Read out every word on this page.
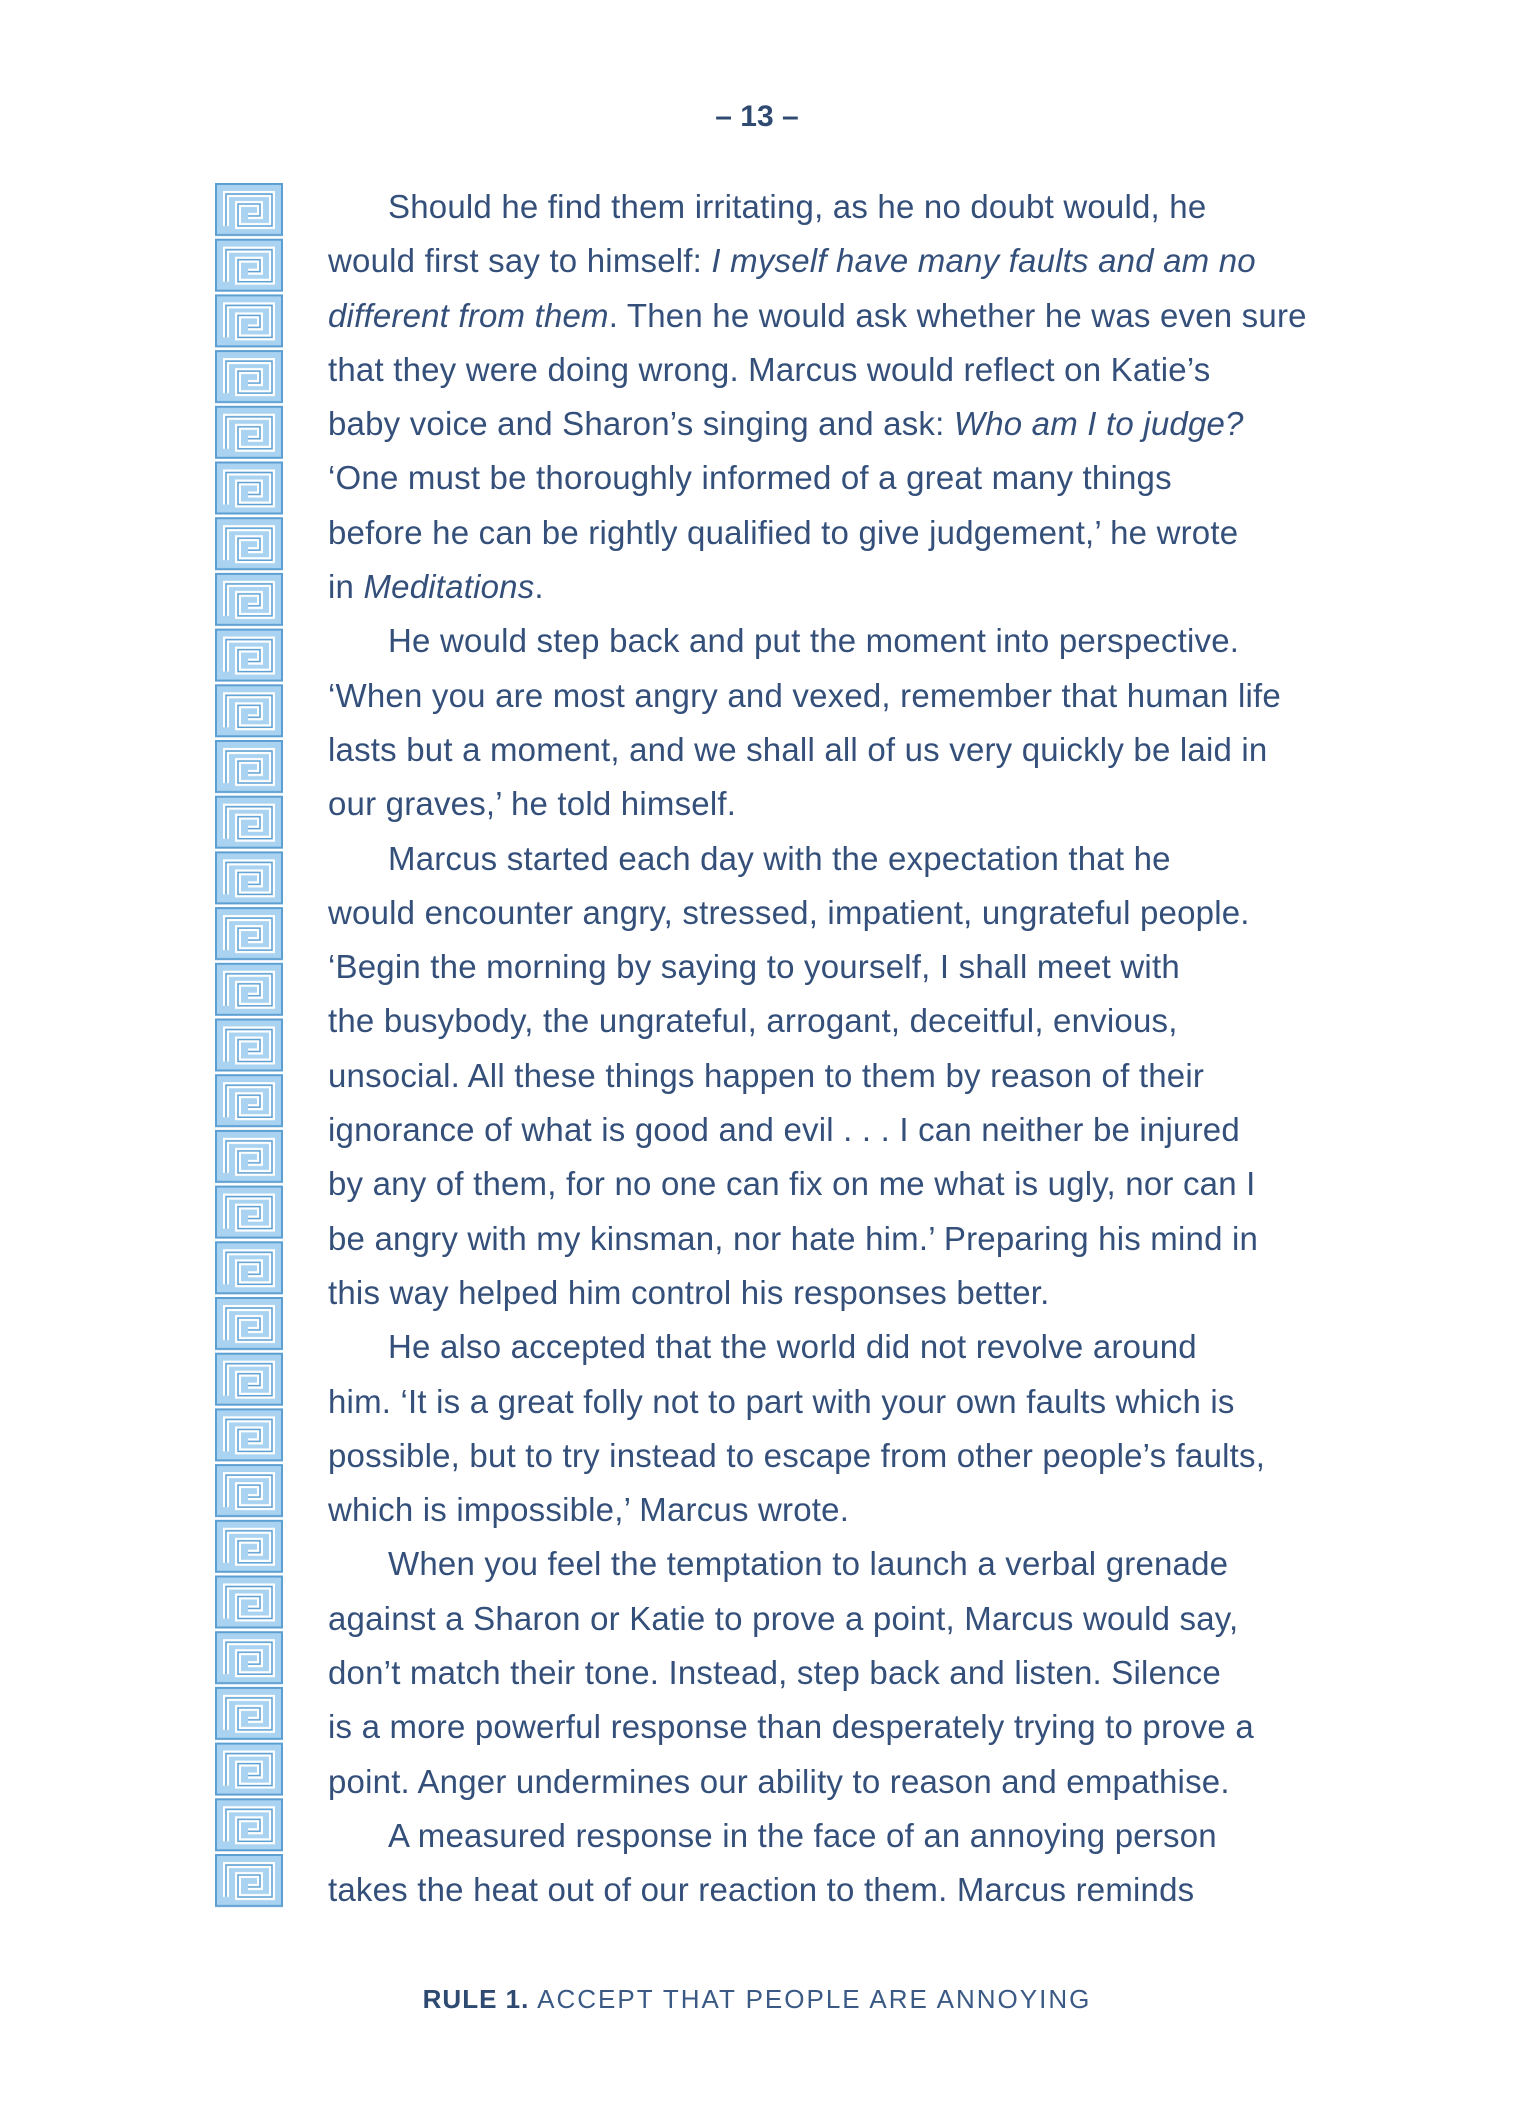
– 13 –
Should he find them irritating, as he no doubt would, he
would first say to himself: I myself have many faults and am no
different from them. Then he would ask whether he was even sure
that they were doing wrong. Marcus would reflect on Katie’s
baby voice and Sharon’s singing and ask: Who am I to judge?
‘One must be thoroughly informed of a great many things
before he can be rightly qualified to give judgement,’ he wrote
in Meditations.
He would step back and put the moment into perspective.
‘When you are most angry and vexed, remember that human life
lasts but a moment, and we shall all of us very quickly be laid in
our graves,’ he told himself.
Marcus started each day with the expectation that he
would encounter angry, stressed, impatient, ungrateful people.
‘Begin the morning by saying to yourself, I shall meet with
the busybody, the ungrateful, arrogant, deceitful, envious,
unsocial. All these things happen to them by reason of their
ignorance of what is good and evil . . . I can neither be injured
by any of them, for no one can fix on me what is ugly, nor can I
be angry with my kinsman, nor hate him.’ Preparing his mind in
this way helped him control his responses better.
He also accepted that the world did not revolve around
him. ‘It is a great folly not to part with your own faults which is
possible, but to try instead to escape from other people’s faults,
which is impossible,’ Marcus wrote.
When you feel the temptation to launch a verbal grenade
against a Sharon or Katie to prove a point, Marcus would say,
don’t match their tone. Instead, step back and listen. Silence
is a more powerful response than desperately trying to prove a
point. Anger undermines our ability to reason and empathise.
A measured response in the face of an annoying person
takes the heat out of our reaction to them. Marcus reminds
RULE 1. ACCEPT THAT PEOPLE ARE ANNOYING
